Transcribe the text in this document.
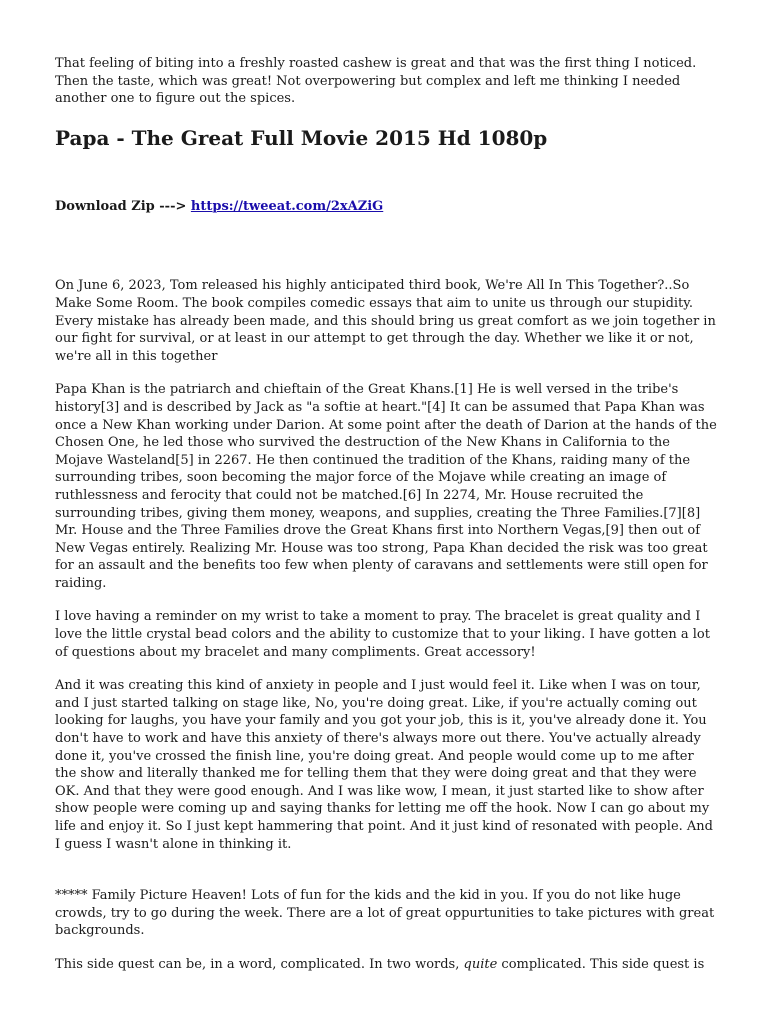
That feeling of biting into a freshly roasted cashew is great and that was the first thing I noticed. Then the taste, which was great! Not overpowering but complex and left me thinking I needed another one to figure out the spices.

Papa - The Great Full Movie 2015 Hd 1080p

Download Zip ---> https://tweeat.com/2xAZiG

On June 6, 2023, Tom released his highly anticipated third book, We're All In This Together?..So Make Some Room. The book compiles comedic essays that aim to unite us through our stupidity. Every mistake has already been made, and this should bring us great comfort as we join together in our fight for survival, or at least in our attempt to get through the day. Whether we like it or not, we're all in this together

Papa Khan is the patriarch and chieftain of the Great Khans.[1] He is well versed in the tribe's history[3] and is described by Jack as "a softie at heart."[4] It can be assumed that Papa Khan was once a New Khan working under Darion. At some point after the death of Darion at the hands of the Chosen One, he led those who survived the destruction of the New Khans in California to the Mojave Wasteland[5] in 2267. He then continued the tradition of the Khans, raiding many of the surrounding tribes, soon becoming the major force of the Mojave while creating an image of ruthlessness and ferocity that could not be matched.[6] In 2274, Mr. House recruited the surrounding tribes, giving them money, weapons, and supplies, creating the Three Families.[7][8] Mr. House and the Three Families drove the Great Khans first into Northern Vegas,[9] then out of New Vegas entirely. Realizing Mr. House was too strong, Papa Khan decided the risk was too great for an assault and the benefits too few when plenty of caravans and settlements were still open for raiding.

I love having a reminder on my wrist to take a moment to pray. The bracelet is great quality and I love the little crystal bead colors and the ability to customize that to your liking. I have gotten a lot of questions about my bracelet and many compliments. Great accessory!

And it was creating this kind of anxiety in people and I just would feel it. Like when I was on tour, and I just started talking on stage like, No, you're doing great. Like, if you're actually coming out looking for laughs, you have your family and you got your job, this is it, you've already done it. You don't have to work and have this anxiety of there's always more out there. You've actually already done it, you've crossed the finish line, you're doing great. And people would come up to me after the show and literally thanked me for telling them that they were doing great and that they were OK. And that they were good enough. And I was like wow, I mean, it just started like to show after show people were coming up and saying thanks for letting me off the hook. Now I can go about my life and enjoy it. So I just kept hammering that point. And it just kind of resonated with people. And I guess I wasn't alone in thinking it.

***** Family Picture Heaven! Lots of fun for the kids and the kid in you. If you do not like huge crowds, try to go during the week. There are a lot of great oppurtunities to take pictures with great backgrounds.

This side quest can be, in a word, complicated. In two words, quite complicated. This side quest is
